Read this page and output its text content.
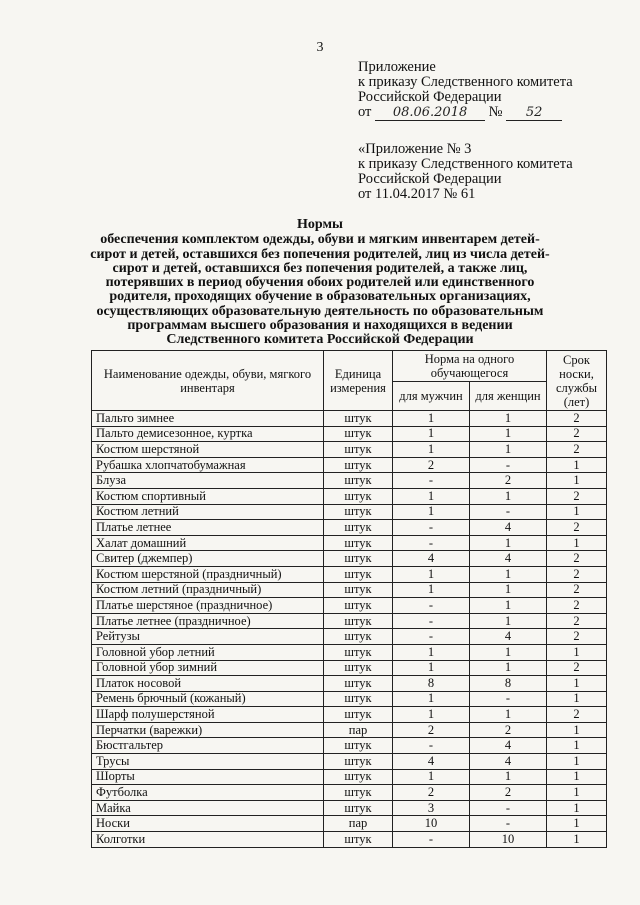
3
Приложение
к приказу Следственного комитета
Российской Федерации
от 08.06.2018 № 52
«Приложение № 3
к приказу Следственного комитета
Российской Федерации
от 11.04.2017 № 61
Нормы
обеспечения комплектом одежды, обуви и мягким инвентарем детей-
сирот и детей, оставшихся без попечения родителей, лиц из числа детей-
сирот и детей, оставшихся без попечения родителей, а также лиц,
потерявших в период обучения обоих родителей или единственного
родителя, проходящих обучение в образовательных организациях,
осуществляющих образовательную деятельность по образовательным
программам высшего образования и находящихся в ведении
Следственного комитета Российской Федерации
Наименование одежды, обуви, мягкого инвентаря	Единица измерения	Норма на одного обучающегося		Срок носки, службы (лет)
		для мужчин	для женщин	
Пальто зимнее	штук	1	1	2
Пальто демисезонное, куртка	штук	1	1	2
Костюм шерстяной	штук	1	1	2
Рубашка хлопчатобумажная	штук	2	-	1
Блуза	штук	-	2	1
Костюм спортивный	штук	1	1	2
Костюм летний	штук	1	-	1
Платье летнее	штук	-	4	2
Халат домашний	штук	-	1	1
Свитер (джемпер)	штук	4	4	2
Костюм шерстяной (праздничный)	штук	1	1	2
Костюм летний (праздничный)	штук	1	1	2
Платье шерстяное (праздничное)	штук	-	1	2
Платье летнее (праздничное)	штук	-	1	2
Рейтузы	штук	-	4	2
Головной убор летний	штук	1	1	1
Головной убор зимний	штук	1	1	2
Платок носовой	штук	8	8	1
Ремень брючный (кожаный)	штук	1	-	1
Шарф полушерстяной	штук	1	1	2
Перчатки (варежки)	пар	2	2	1
Бюстгальтер	штук	-	4	1
Трусы	штук	4	4	1
Шорты	штук	1	1	1
Футболка	штук	2	2	1
Майка	штук	3	-	1
Носки	пар	10	-	1
Колготки	штук	-	10	1
